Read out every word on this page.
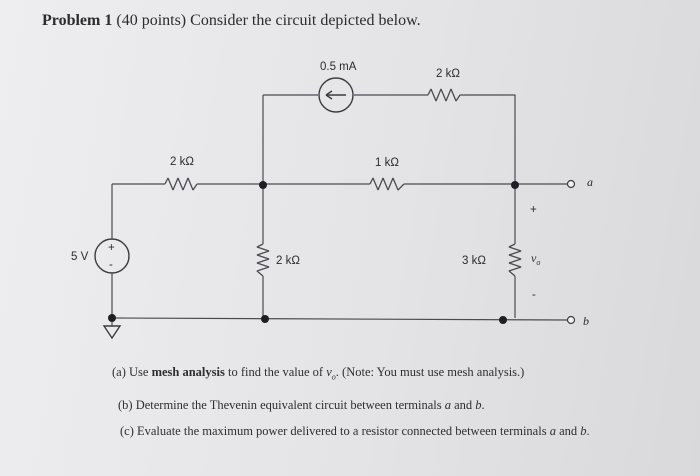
Problem 1 (40 points) Consider the circuit depicted below.
+
-
0.5 mA
2 kΩ
2 kΩ	1 kΩ
2 kΩ	3 kΩ
5 V
+
-
$v_o$
a
b
(a) Use mesh analysis to find the value of $v_o$. (Note: You must use mesh analysis.)
(b) Determine the Thevenin equivalent circuit between terminals a and b.
(c) Evaluate the maximum power delivered to a resistor connected between terminals a and b.
